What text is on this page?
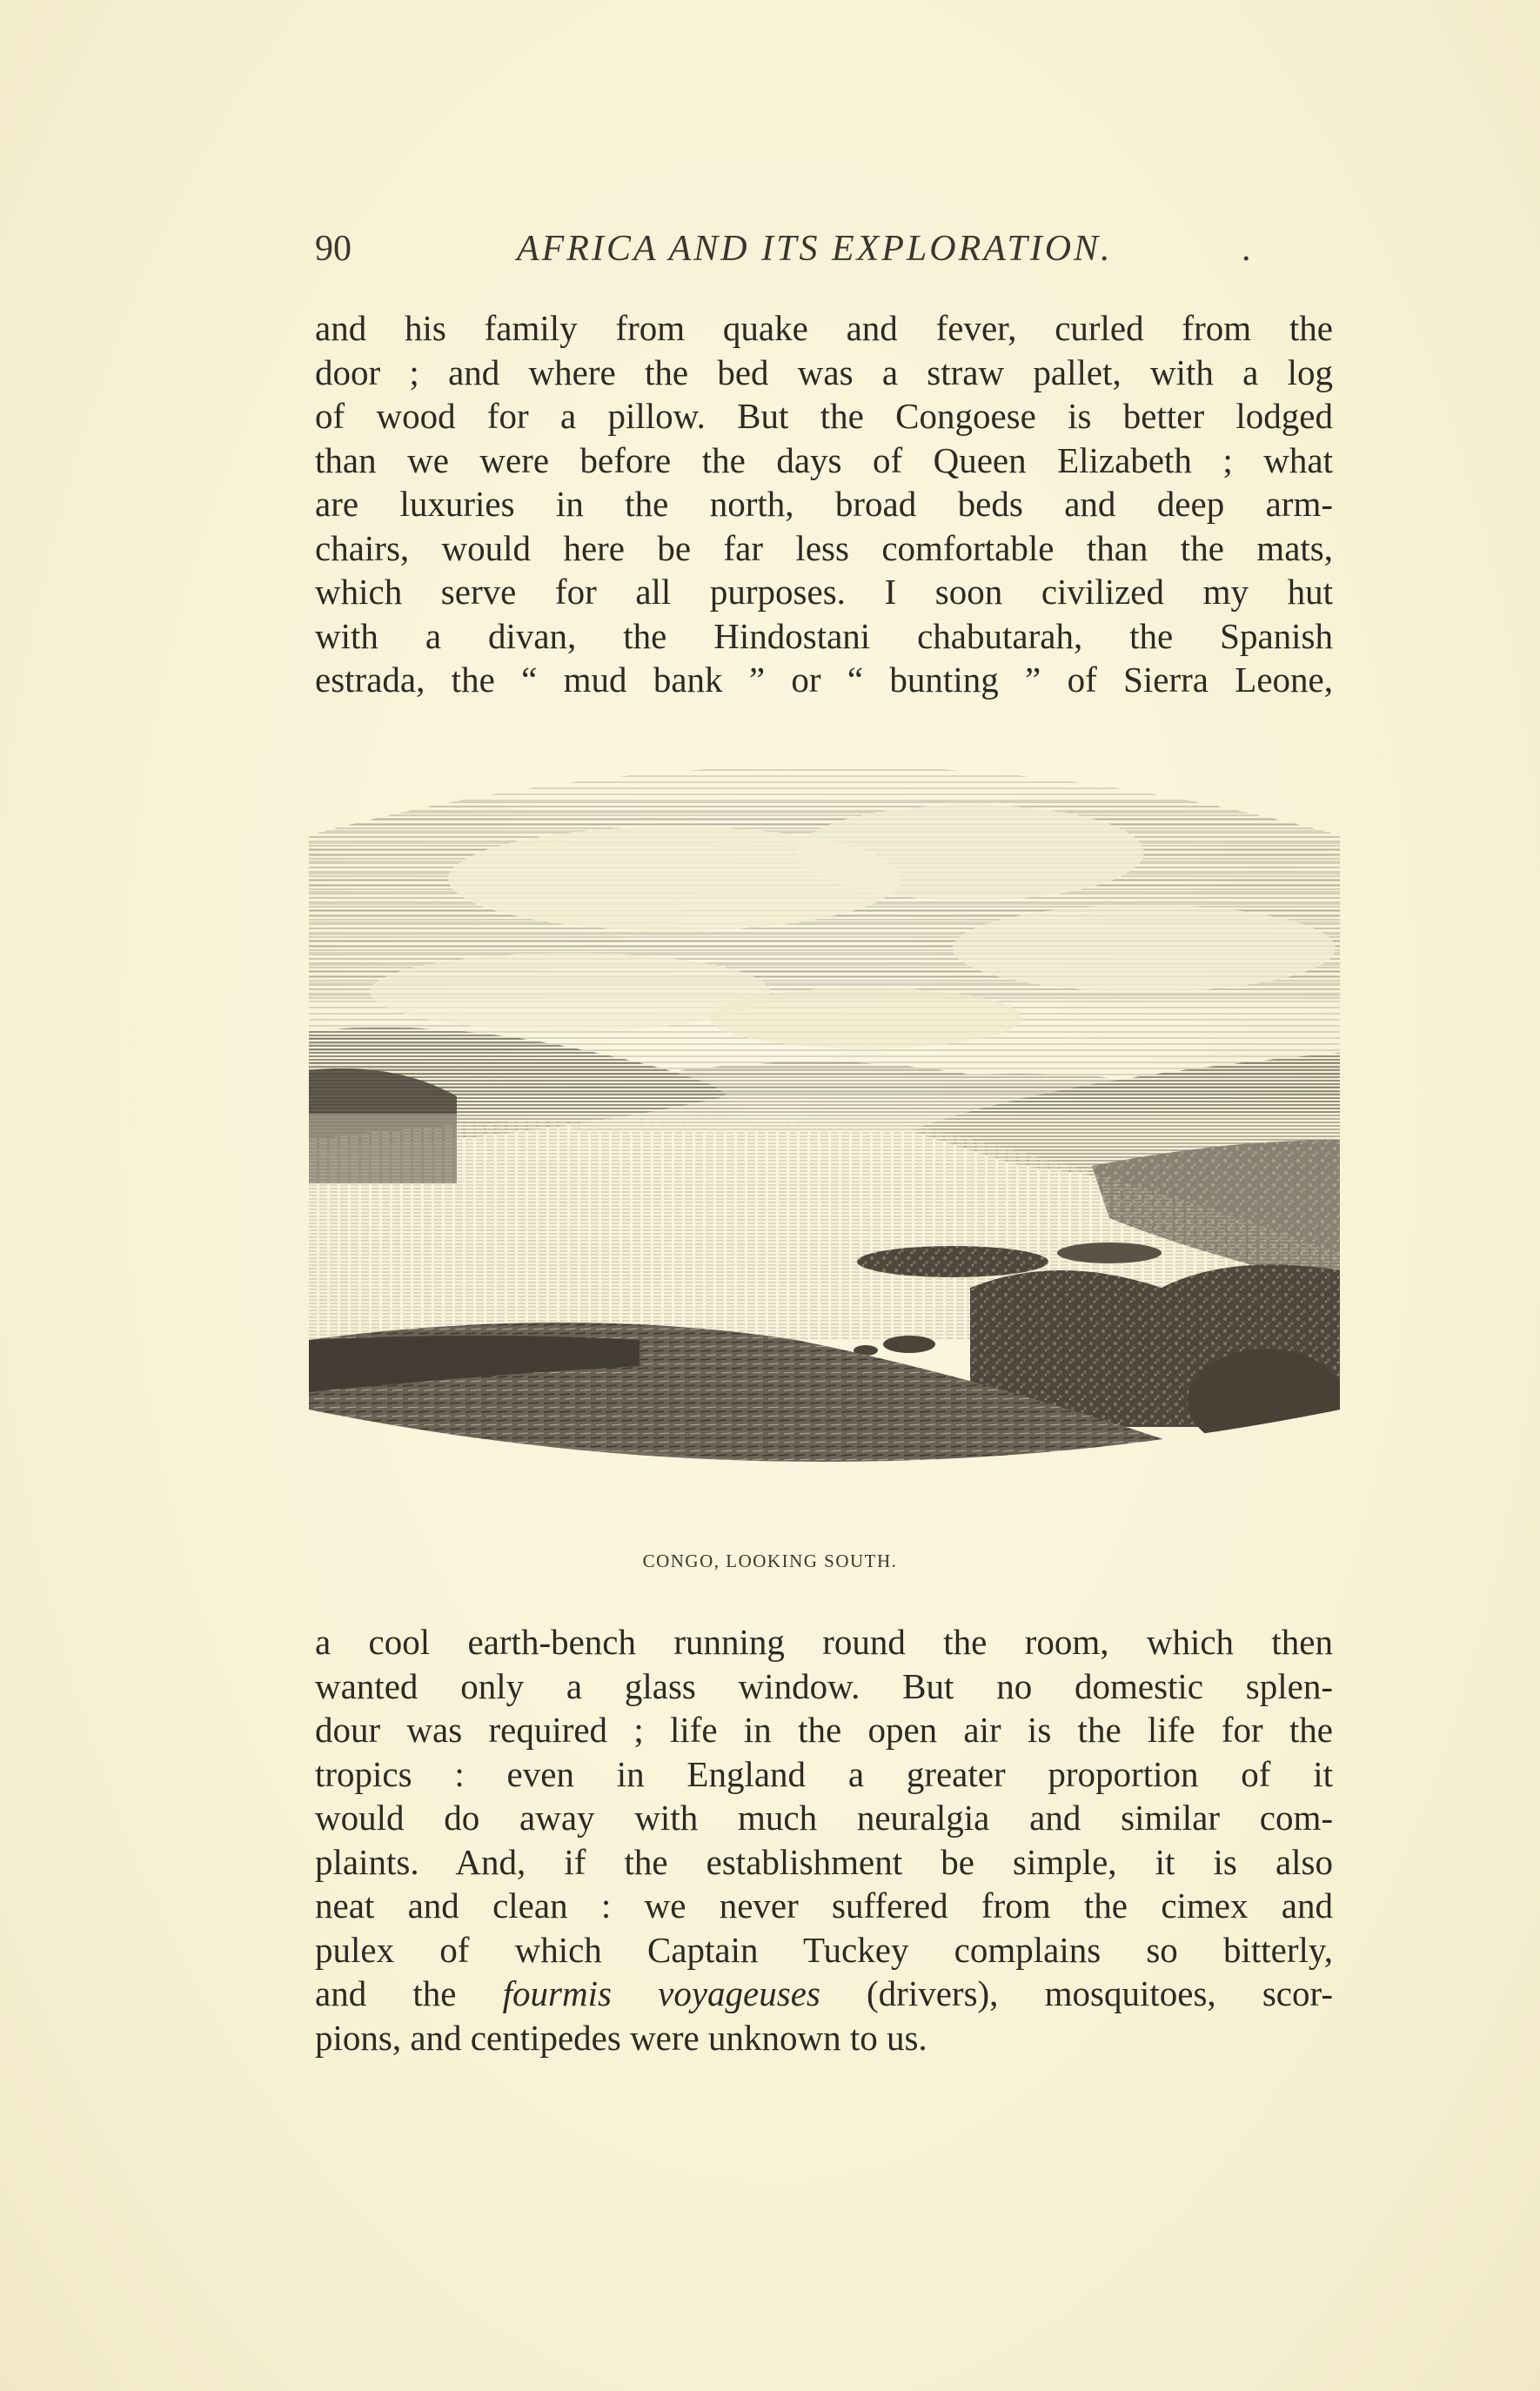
90	AFRICA AND ITS EXPLORATION.	.
and his family from quake and fever, curled from the
door ; and where the bed was a straw pallet, with a log
of wood for a pillow. But the Congoese is better lodged
than we were before the days of Queen Elizabeth ; what
are luxuries in the north, broad beds and deep arm-
chairs, would here be far less comfortable than the mats,
which serve for all purposes. I soon civilized my hut
with a divan, the Hindostani chabutarah, the Spanish
estrada, the “ mud bank ” or “ bunting ” of Sierra Leone,
CONGO, LOOKING SOUTH.
a cool earth-bench running round the room, which then
wanted only a glass window. But no domestic splen-
dour was required ; life in the open air is the life for the
tropics : even in England a greater proportion of it
would do away with much neuralgia and similar com-
plaints. And, if the establishment be simple, it is also
neat and clean : we never suffered from the cimex and
pulex of which Captain Tuckey complains so bitterly,
and the fourmis voyageuses (drivers), mosquitoes, scor-
pions, and centipedes were unknown to us.
